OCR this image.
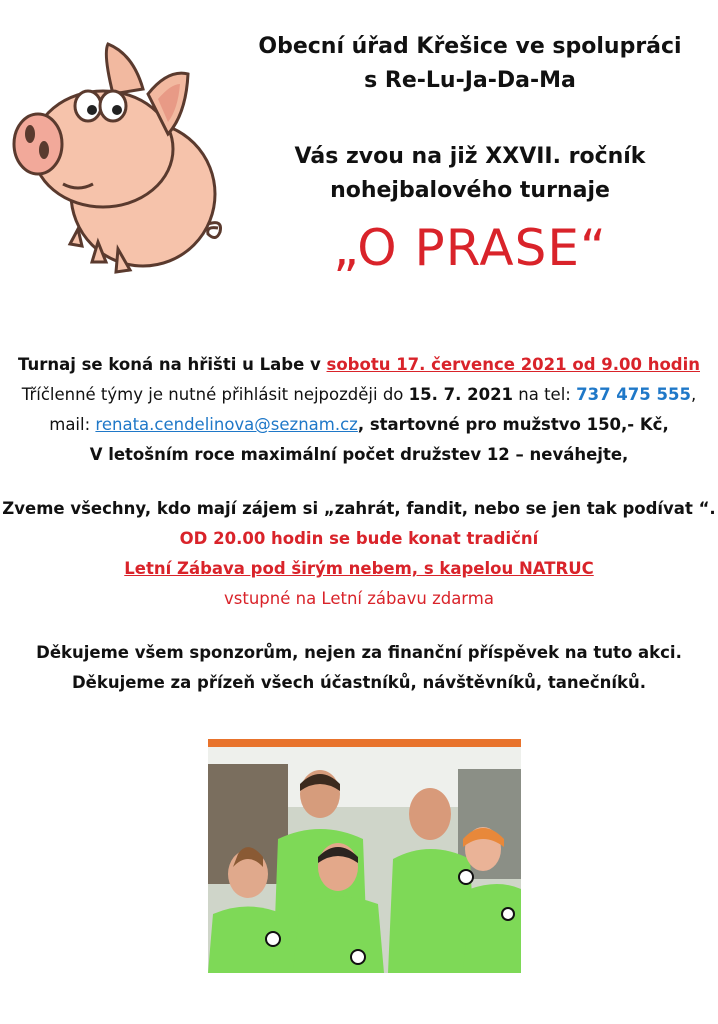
Obecní úřad Křešice ve spolupráci
s Re-Lu-Ja-Da-Ma
Vás zvou na již XXVII. ročník
nohejbalového turnaje
„O PRASE“
Turnaj se koná na hřišti u Labe v sobotu 17. července 2021 od 9.00 hodin
Tříčlenné týmy je nutné přihlásit nejpozději do 15. 7. 2021 na tel: 737 475 555,
mail: renata.cendelinova@seznam.cz, startovné pro mužstvo 150,- Kč,
V letošním roce maximální počet družstev 12 – neváhejte,
Zveme všechny, kdo mají zájem si „zahrát, fandit, nebo se jen tak podívat “.
OD 20.00 hodin se bude konat tradiční
Letní Zábava pod širým nebem, s kapelou NATRUC
vstupné na Letní zábavu zdarma
Děkujeme všem sponzorům, nejen za finanční příspěvek na tuto akci.
Děkujeme za přízeň všech účastníků, návštěvníků, tanečníků.
